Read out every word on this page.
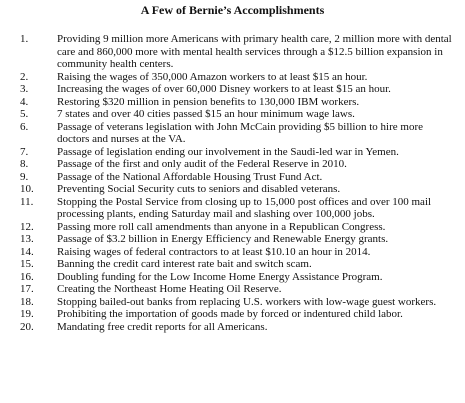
A Few of Bernie’s Accomplishments
1.	Providing 9 million more Americans with primary health care, 2 million more with dental care and 860,000 more with mental health services through a $12.5 billion expansion in community health centers.
2.	Raising the wages of 350,000 Amazon workers to at least $15 an hour.
3.	Increasing the wages of over 60,000 Disney workers to at least $15 an hour.
4.	Restoring $320 million in pension benefits to 130,000 IBM workers.
5.	7 states and over 40 cities passed $15 an hour minimum wage laws.
6.	Passage of veterans legislation with John McCain providing $5 billion to hire more doctors and nurses at the VA.
7.	Passage of legislation ending our involvement in the Saudi-led war in Yemen.
8.	Passage of the first and only audit of the Federal Reserve in 2010.
9.	Passage of the National Affordable Housing Trust Fund Act.
10.	Preventing Social Security cuts to seniors and disabled veterans.
11.	Stopping the Postal Service from closing up to 15,000 post offices and over 100 mail processing plants, ending Saturday mail and slashing over 100,000 jobs.
12.	Passing more roll call amendments than anyone in a Republican Congress.
13.	Passage of $3.2 billion in Energy Efficiency and Renewable Energy grants.
14.	Raising wages of federal contractors to at least $10.10 an hour in 2014.
15.	Banning the credit card interest rate bait and switch scam.
16.	Doubling funding for the Low Income Home Energy Assistance Program.
17.	Creating the Northeast Home Heating Oil Reserve.
18.	Stopping bailed-out banks from replacing U.S. workers with low-wage guest workers.
19.	Prohibiting the importation of goods made by forced or indentured child labor.
20.	Mandating free credit reports for all Americans.
